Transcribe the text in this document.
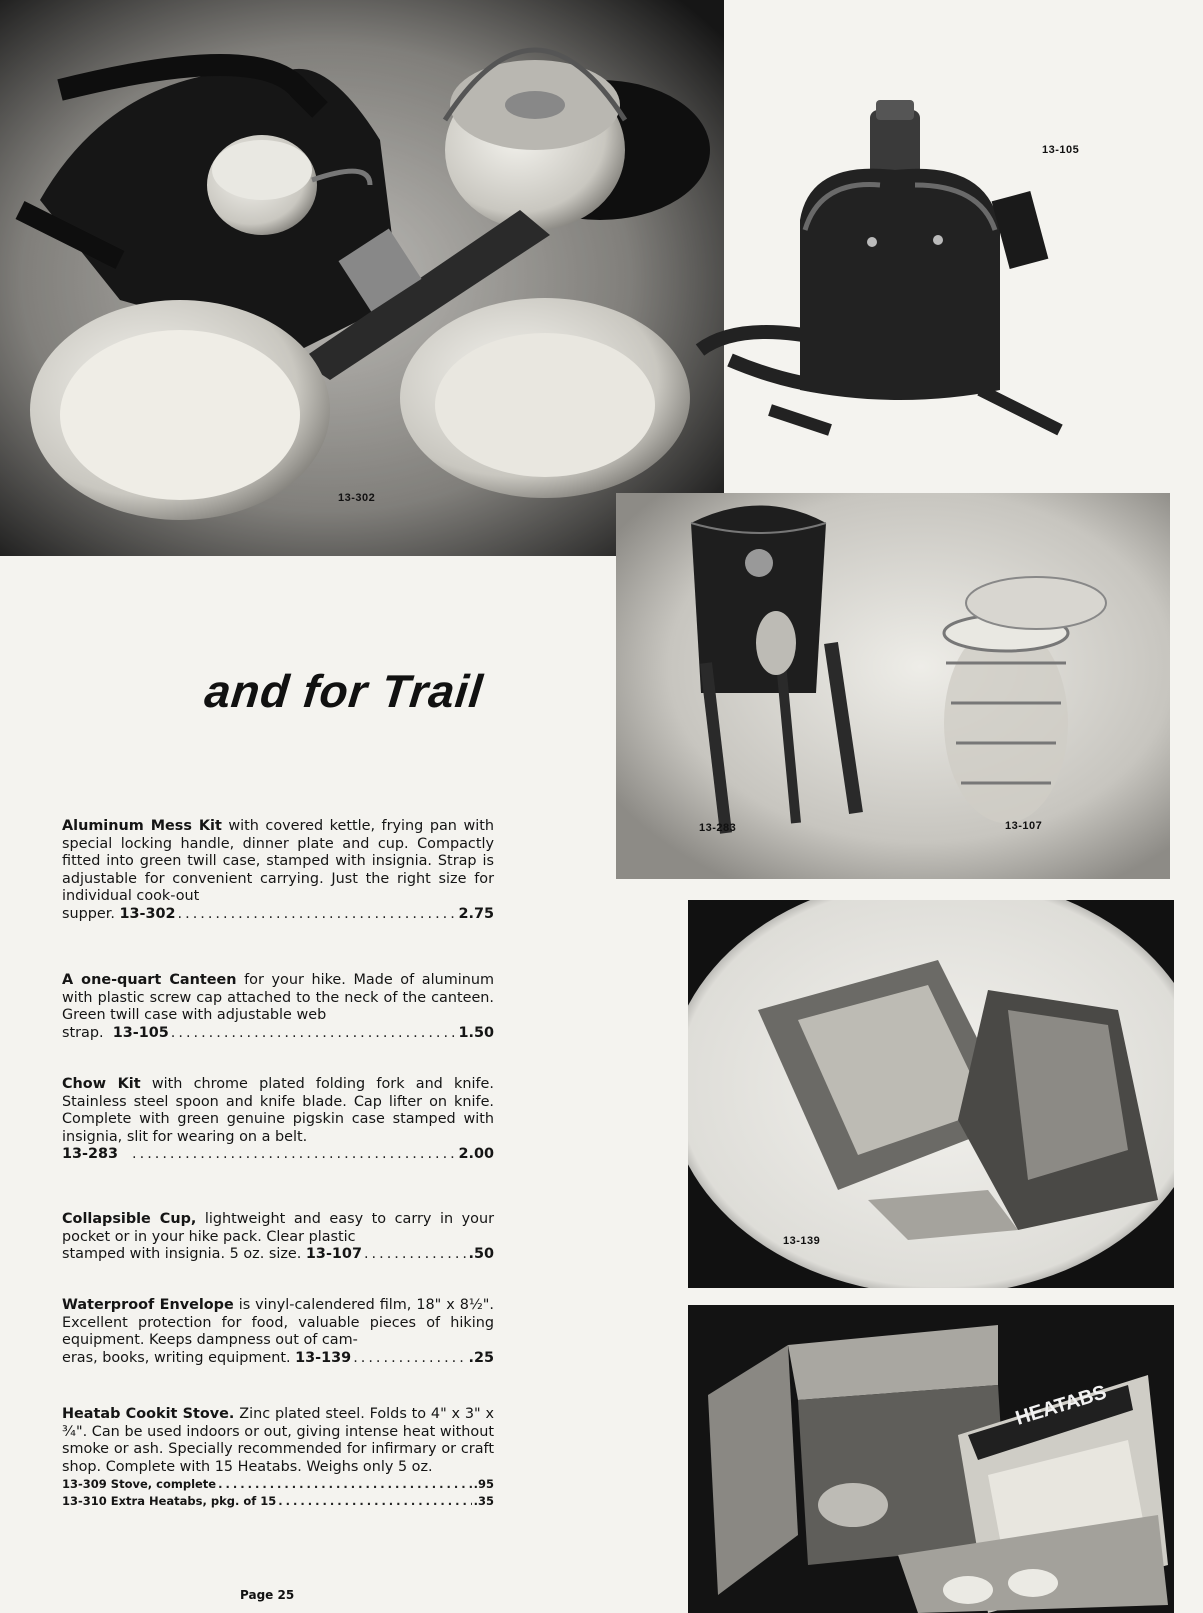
13-302
13-105
and for Trail
13-283	13-107
13-139
HEATABS
Aluminum Mess Kit with covered kettle, frying pan with special locking handle, dinner plate and cup. Compactly fitted into green twill case, stamped with insignia. Strap is adjustable for convenient carrying. Just the right size for individual cook-out
supper.
13-302 .....	2.75
A one-quart Canteen for your hike. Made of aluminum with plastic screw cap attached to the neck of the canteen. Green twill case with adjustable web
strap.
13-105 .....	1.50
Chow Kit with chrome plated folding fork and knife. Stainless steel spoon and knife blade. Cap lifter on knife. Complete with green genuine pigskin case stamped with insignia, slit for wearing on a belt.
13-283 .....	2.00
Collapsible Cup, lightweight and easy to carry in your pocket or in your hike pack. Clear plastic
stamped with insignia. 5 oz. size.
13-107 .....	.50
Waterproof Envelope is vinyl-calendered film, 18" x 8½". Excellent protection for food, valuable pieces of hiking equipment. Keeps dampness out of cam-
eras, books, writing equipment.
13-139 .....	.25
Heatab Cookit Stove. Zinc plated steel. Folds to 4" x 3" x ¾". Can be used indoors or out, giving intense heat without smoke or ash. Specially recommended for infirmary or craft shop. Complete with 15 Heatabs. Weighs only 5 oz.
13-309 Stove, complete .....	.95
13-310 Extra Heatabs, pkg. of 15 .....	.35
Page 25
